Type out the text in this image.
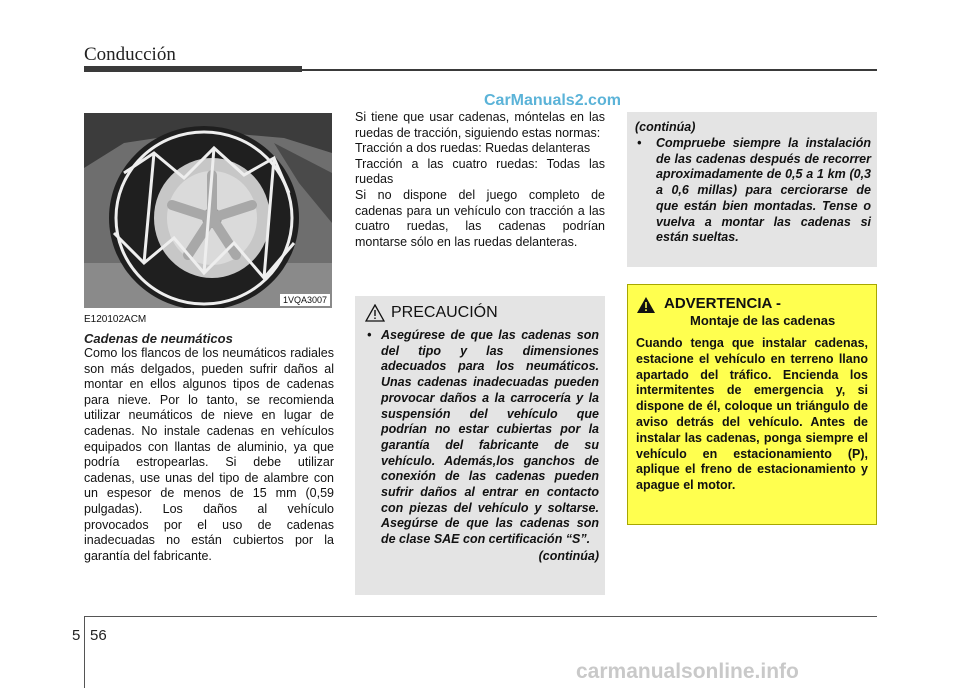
Conducción
CarManuals2.com
1VQA3007
E120102ACM
Cadenas de neumáticos

Como los flancos de los neumáticos radiales son más delgados, pueden sufrir daños al montar en ellos algunos tipos de cadenas para nieve. Por lo tanto, se recomienda utilizar neumáticos de nieve en lugar de cadenas. No instale cadenas en vehículos equipados con llantas de aluminio, ya que podría estropearlas. Si debe utilizar cadenas, use unas del tipo de alambre con un espesor de menos de 15 mm (0,59 pulgadas). Los daños al vehículo provocados por el uso de cadenas inadecuadas no están cubiertos por la garantía del fabricante.

Si tiene que usar cadenas, móntelas en las ruedas de tracción, siguiendo estas normas:

Tracción a dos ruedas: Ruedas delanteras

Tracción a las cuatro ruedas: Todas las ruedas

Si no dispone del juego completo de cadenas para un vehículo con tracción a las cuatro ruedas, las cadenas podrían montarse sólo en las ruedas delanteras.

PRECAUCIÓN
• Asegúrese de que las cadenas son del tipo y las dimensiones adecuados para los neumáticos. Unas cadenas inadecuadas pueden provocar daños a la carrocería y la suspensión del vehículo que podrían no estar cubiertas por la garantía del fabricante de su vehículo. Además,los ganchos de conexión de las cadenas pueden sufrir daños al entrar en contacto con piezas del vehículo y soltarse. Asegúrse de que las cadenas son de clase SAE con certificación “S”.
(continúa)
(continúa)
• Compruebe siempre la instalación de las cadenas después de recorrer aproximadamente de 0,5 a 1 km (0,3 a 0,6 millas) para cerciorarse de que están bien montadas. Tense o vuelva a montar las cadenas si están sueltas.
ADVERTENCIA -
Montaje de las cadenas

Cuando tenga que instalar cadenas, estacione el vehículo en terreno llano apartado del tráfico. Encienda los intermitentes de emergencia y, si dispone de él, coloque un triángulo de aviso detrás del vehículo. Antes de instalar las cadenas, ponga siempre el vehículo en estacionamiento (P), aplique el freno de estacionamiento y apague el motor.

5 56
carmanualsonline.info
